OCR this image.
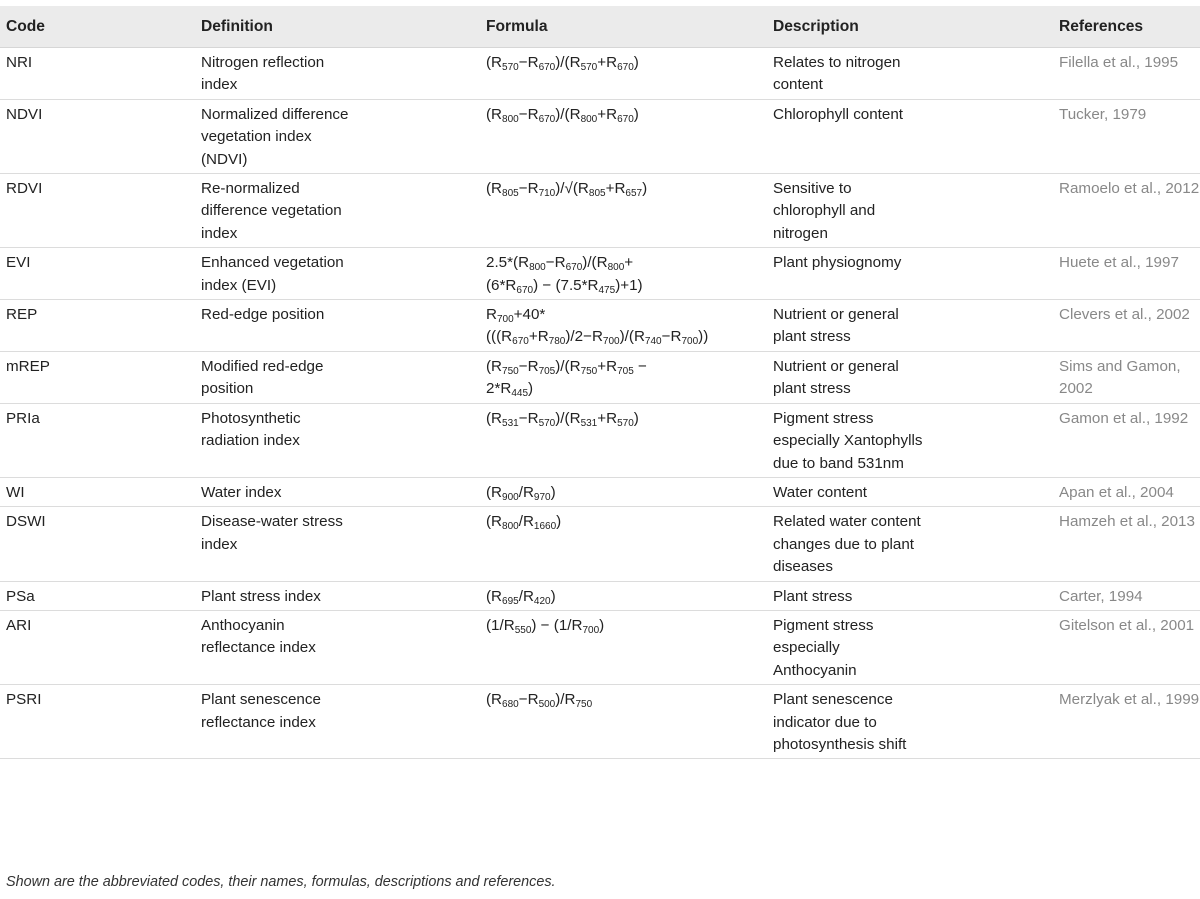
Code	Definition	Formula	Description	References
NRI	Nitrogen reflection index	$(R_{570}-R_{670})/(R_{570}+R_{670})$	Relates to nitrogen content	Filella et al., 1995

NDVI	Normalized difference vegetation index (NDVI)	$(R_{800}-R_{670})/(R_{800}+R_{670})$	Chlorophyll content	Tucker, 1979

RDVI	Re-normalized difference vegetation index	$(R_{805}-R_{710})/√(R_{805}+R_{657})$	Sensitive to chlorophyll and nitrogen	Ramoelo et al., 2012

EVI	Enhanced vegetation index (EVI)	$2.5*(R_{800}-R_{670})/(R_{800}+(6*R_{670}) - (7.5*R_{475})+1)$	Plant physiognomy	Huete et al., 1997

REP	Red-edge position	$R_{700}+40*(((R_{670}+R_{780})/2-R_{700})/(R_{740}-R_{700}))$	Nutrient or general plant stress	Clevers et al., 2002

mREP	Modified red-edge position	$(R_{750}-R_{705})/(R_{750}+R_{705} - 2*R_{445})$	Nutrient or general plant stress	Sims and Gamon, 2002

PRIa	Photosynthetic radiation index	$(R_{531}-R_{570})/(R_{531}+R_{570})$	Pigment stress especially Xantophylls due to band 531nm	Gamon et al., 1992

WI	Water index	$(R_{900}/R_{970})$	Water content	Apan et al., 2004

DSWI	Disease-water stress index	$(R_{800}/R_{1660})$	Related water content changes due to plant diseases	Hamzeh et al., 2013

PSa	Plant stress index	$(R_{695}/R_{420})$	Plant stress	Carter, 1994

ARI	Anthocyanin reflectance index	$(1/R_{550}) - (1/R_{700})$	Pigment stress especially Anthocyanin	Gitelson et al., 2001

PSRI	Plant senescence reflectance index	$(R_{680}-R_{500})/R_{750}$	Plant senescence indicator due to photosynthesis shift	Merzlyak et al., 1999
Shown are the abbreviated codes, their names, formulas, descriptions and references.
